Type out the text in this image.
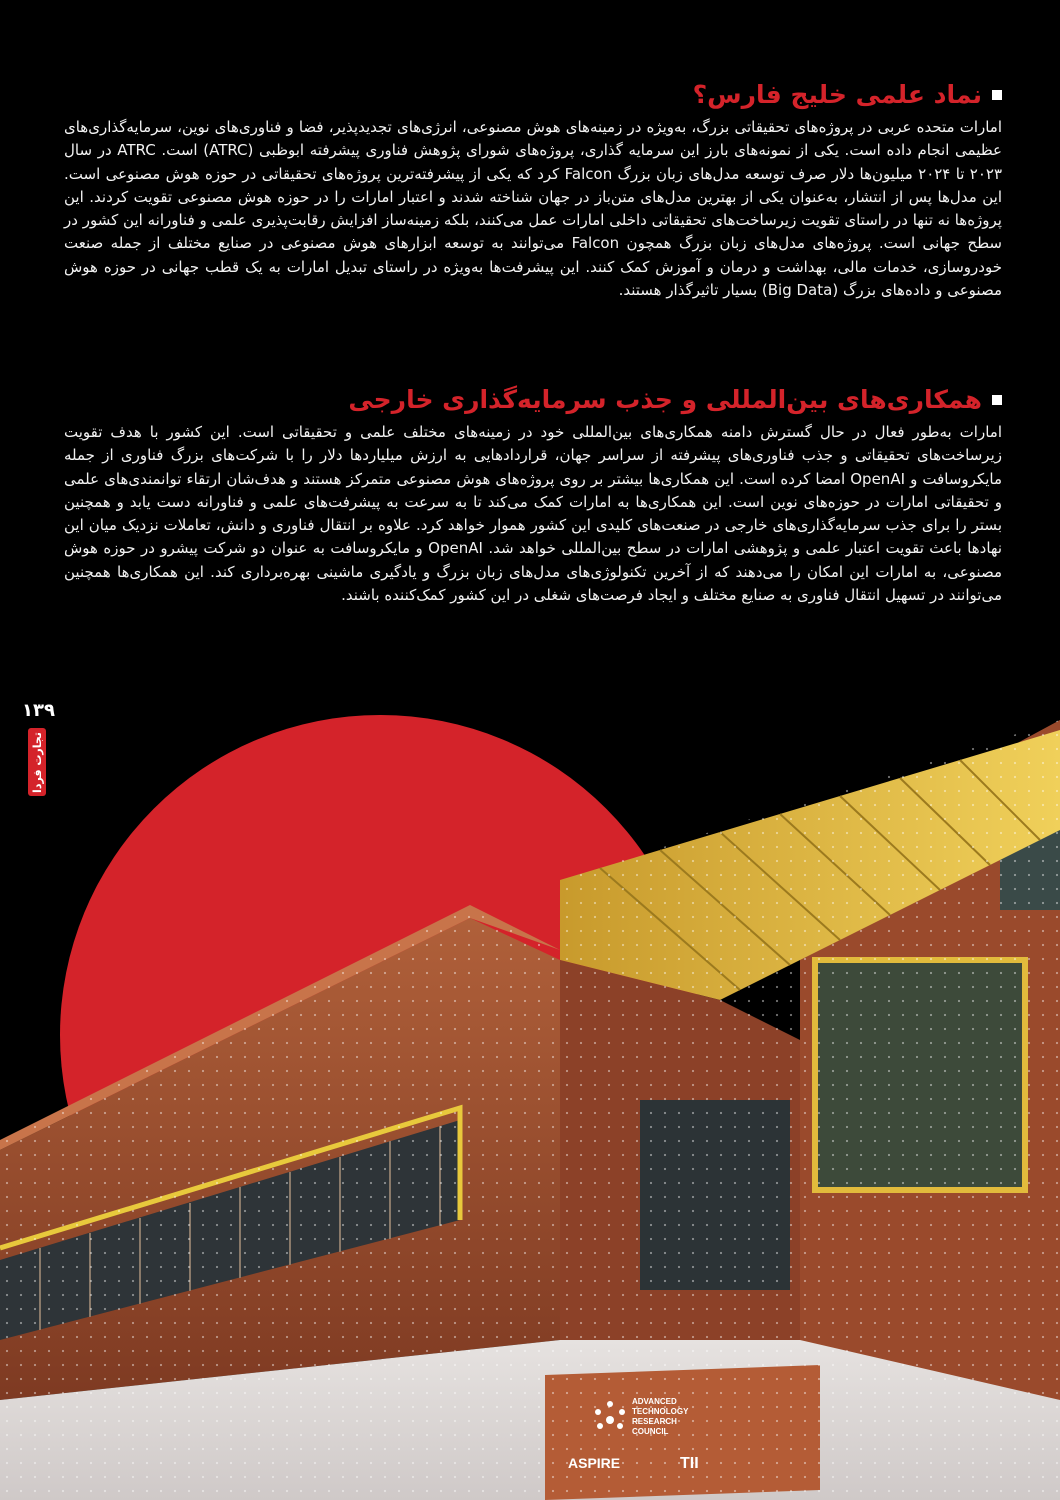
نماد علمی خلیج فارس؟
امارات متحده عربی در پروژه‌های تحقیقاتی بزرگ، به‌ویژه در زمینه‌های هوش مصنوعی، انرژی‌های تجدیدپذیر، فضا و فناوری‌های نوین، سرمایه‌گذاری‌های عظیمی انجام داده است. یکی از نمونه‌های بارز این سرمایه گذاری، پروژه‌های شورای پژوهش فناوری پیشرفته ابوظبی (ATRC) است. ATRC در سال ۲۰۲۳ تا ۲۰۲۴ میلیون‌ها دلار صرف توسعه مدل‌های زبان بزرگ Falcon کرد که یکی از پیشرفته‌ترین پروژه‌های تحقیقاتی در حوزه هوش مصنوعی است. این مدل‌ها پس از انتشار، به‌عنوان یکی از بهترین مدل‌های متن‌باز در جهان شناخته شدند و اعتبار امارات را در حوزه هوش مصنوعی تقویت کردند. این پروژه‌ها نه تنها در راستای تقویت زیرساخت‌های تحقیقاتی داخلی امارات عمل می‌کنند، بلکه زمینه‌ساز افزایش رقابت‌پذیری علمی و فناورانه این کشور در سطح جهانی است. پروژه‌های مدل‌های زبان بزرگ همچون Falcon می‌توانند به توسعه ابزارهای هوش مصنوعی در صنایع مختلف از جمله صنعت خودروسازی، خدمات مالی، بهداشت و درمان و آموزش کمک کنند. این پیشرفت‌ها به‌ویژه در راستای تبدیل امارات به یک قطب جهانی در حوزه هوش مصنوعی و داده‌های بزرگ (Big Data) بسیار تاثیرگذار هستند.
همکاری‌های بین‌المللی و جذب سرمایه‌گذاری خارجی
امارات به‌طور فعال در حال گسترش دامنه همکاری‌های بین‌المللی خود در زمینه‌های مختلف علمی و تحقیقاتی است. این کشور با هدف تقویت زیرساخت‌های تحقیقاتی و جذب فناوری‌های پیشرفته از سراسر جهان، قراردادهایی به ارزش میلیاردها دلار را با شرکت‌های بزرگ فناوری از جمله مایکروسافت و OpenAI امضا کرده است. این همکاری‌ها بیشتر بر روی پروژه‌های هوش مصنوعی متمرکز هستند و هدف‌شان ارتقاء توانمندی‌های علمی و تحقیقاتی امارات در حوزه‌های نوین است. این همکاری‌ها به امارات کمک می‌کند تا به سرعت به پیشرفت‌های علمی و فناورانه دست یابد و همچنین بستر را برای جذب سرمایه‌گذاری‌های خارجی در صنعت‌های کلیدی این کشور هموار خواهد کرد. علاوه بر انتقال فناوری و دانش، تعاملات نزدیک میان این نهادها باعث تقویت اعتبار علمی و پژوهشی امارات در سطح بین‌المللی خواهد شد. OpenAI و مایکروسافت به عنوان دو شرکت پیشرو در حوزه هوش مصنوعی، به امارات این امکان را می‌دهند که از آخرین تکنولوژی‌های مدل‌های زبان بزرگ و یادگیری ماشینی بهره‌برداری کند. این همکاری‌ها همچنین می‌توانند در تسهیل انتقال فناوری به صنایع مختلف و ایجاد فرصت‌های شغلی در این کشور کمک‌کننده باشند.
۱۳۹
تجارت فردا
